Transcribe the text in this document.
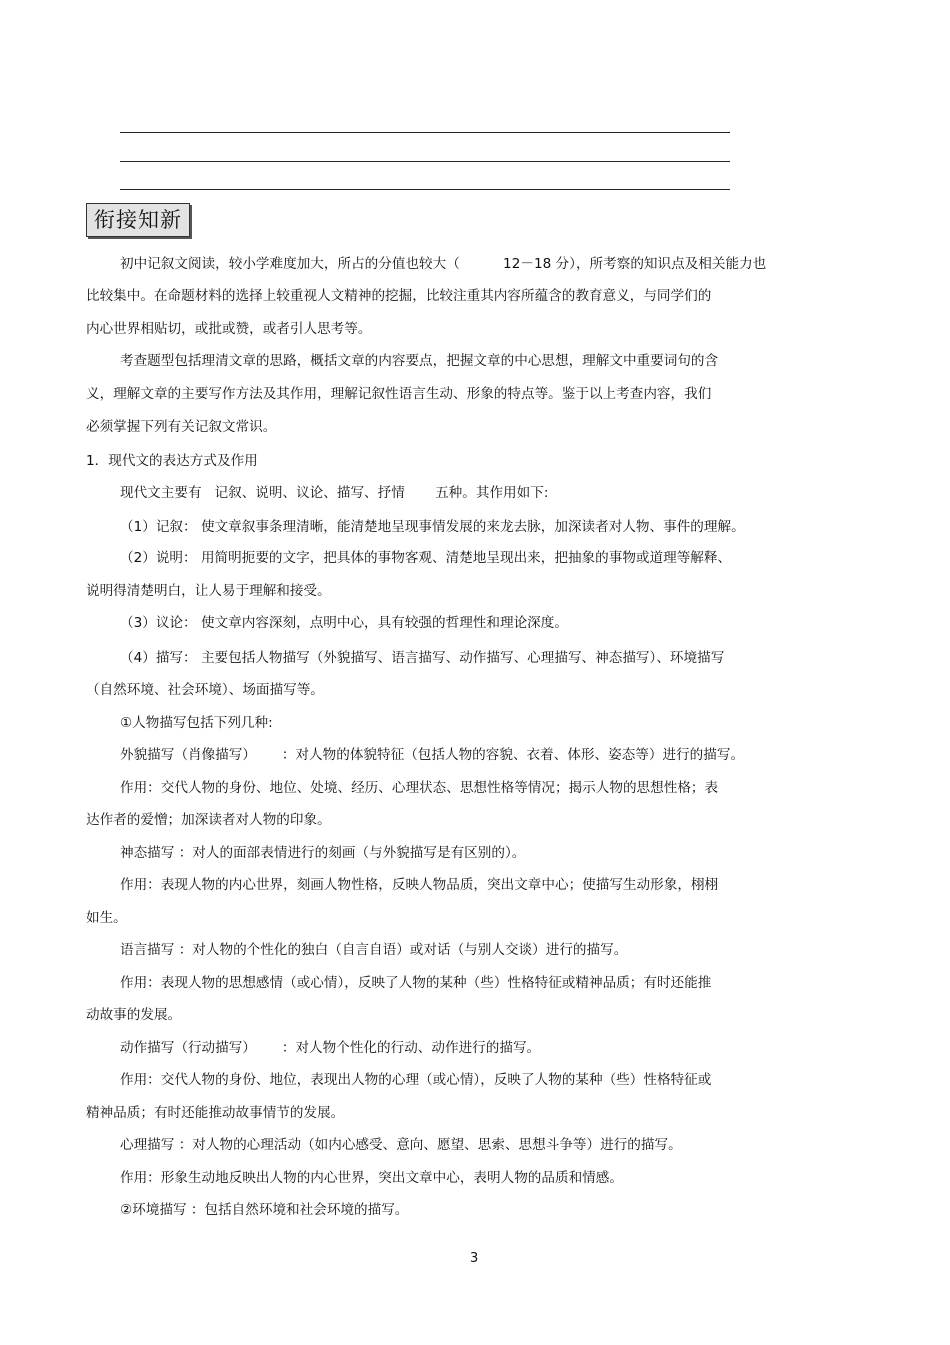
衔接知新
初中记叙文阅读，较小学难度加大，所占的分值也较大（          12－18 分），所考察的知识点及相关能力也
比较集中。在命题材料的选择上较重视人文精神的挖掘，比较注重其内容所蕴含的教育意义，与同学们的
内心世界相贴切，或批或赞，或者引人思考等。
考查题型包括理清文章的思路，概括文章的内容要点，把握文章的中心思想，理解文中重要词句的含
义，理解文章的主要写作方法及其作用，理解记叙性语言生动、形象的特点等。鉴于以上考查内容，我们
必须掌握下列有关记叙文常识。
1．现代文的表达方式及作用
现代文主要有   记叙、说明、议论、描写、抒情       五种。其作用如下:
（1）记叙： 使文章叙事条理清晰，能清楚地呈现事情发展的来龙去脉，加深读者对人物、事件的理解。
（2）说明： 用简明扼要的文字，把具体的事物客观、清楚地呈现出来，把抽象的事物或道理等解释、
说明得清楚明白，让人易于理解和接受。
（3）议论： 使文章内容深刻，点明中心，具有较强的哲理性和理论深度。
（4）描写： 主要包括人物描写（外貌描写、语言描写、动作描写、心理描写、神态描写）、环境描写
（自然环境、社会环境）、场面描写等。
①人物描写包括下列几种:
外貌描写（肖像描写）      ：对人物的体貌特征（包括人物的容貌、衣着、体形、姿态等）进行的描写。
作用：交代人物的身份、地位、处境、经历、心理状态、思想性格等情况；揭示人物的思想性格；表
达作者的爱憎；加深读者对人物的印象。
神态描写 ：对人的面部表情进行的刻画（与外貌描写是有区别的）。
作用：表现人物的内心世界，刻画人物性格，反映人物品质，突出文章中心；使描写生动形象，栩栩
如生。
语言描写 ：对人物的个性化的独白（自言自语）或对话（与别人交谈）进行的描写。
作用：表现人物的思想感情（或心情），反映了人物的某种（些）性格特征或精神品质；有时还能推
动故事的发展。
动作描写（行动描写）      ：对人物个性化的行动、动作进行的描写。
作用：交代人物的身份、地位，表现出人物的心理（或心情），反映了人物的某种（些）性格特征或
精神品质；有时还能推动故事情节的发展。
心理描写 ：对人物的心理活动（如内心感受、意向、愿望、思索、思想斗争等）进行的描写。
作用：形象生动地反映出人物的内心世界，突出文章中心，表明人物的品质和情感。
②环境描写 ：包括自然环境和社会环境的描写。
3
